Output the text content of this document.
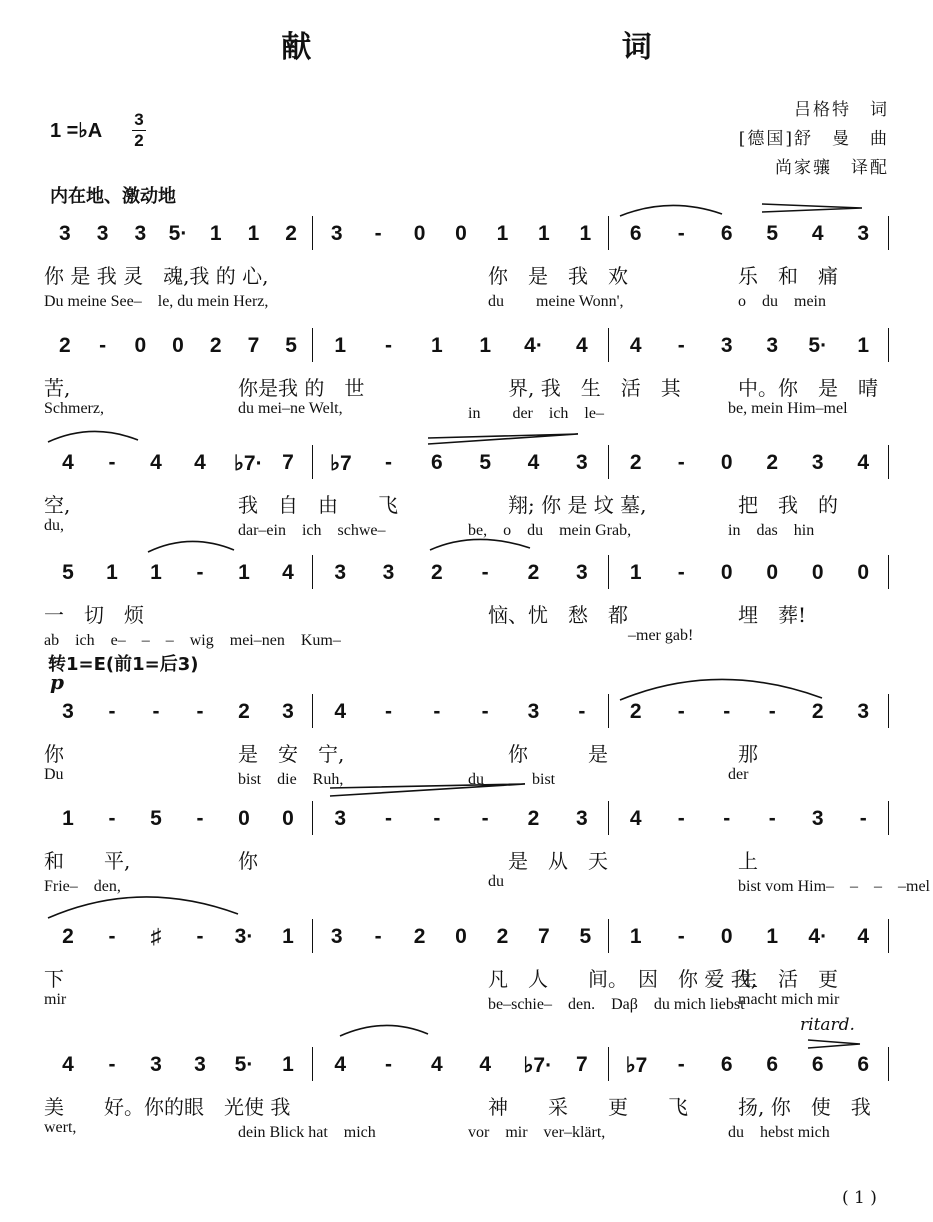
献 词
吕格特　词
[德国]舒　曼　曲
尚家骧　译配
1 =♭A
3
2
内在地、激动地
转1=E(前1=后3)
p
ritard.
3 3 3 5· 1 1 2 3	-	0 0 1 1 1 6	-	6 5 4 3
你 是 我 灵　魂,我 的 心,	你　是　我　欢	乐　和　痛
Du meine See–　le, du mein Herz,	du　　meine Wonn',	o　du　mein
2	-	0 0 2 7 5 1	-	1 1 4· 4 4	-	3 3 5· 1
苦,	你是我 的　世	界, 我　生　活　其	中。你　是　晴
Schmerz,	du mei–ne Welt,	in　　der　ich　le–	be, mein Him–mel
4	-	4 4 ♭7· 7 ♭7	-	6 5 4 3 2	-	0 2 3 4
空,	我　自　由　　飞	翔; 你 是 坟 墓,	把　我　的
du,	dar–ein　ich　schwe–	be,　o　du　mein Grab,	in　das　hin
5 1 1	-	1 4 3 3 2	-	2 3 1	-	0 0 0 0
一　切　烦	恼、忧　愁　都	埋　葬!
ab　ich　e–　–　–　wig　mei–nen　Kum–	–mer gab!
3	-	-	-	2 3 4	-	-	-	3	-	2	-	-	-	2 3
你	是　安　宁,	你　　　是	那
Du	bist　die　Ruh,	du　　　bist	der
1	-	5	-	0 0 3	-	-	-	2 3 4	-	-	-	3	-
和　　平,	你	是　从　天	上
Frie–　den,	du	bist vom Him–　–　–　–mel
2	-	♯	-	3· 1 3	-	2 0 2 7 5 1	-	0 1 4· 4
下	凡　人　　间。　因　你 爱 我,
生　活　更
mir	be–schie–　den.　Daβ　du mich liebst
macht mich mir
4	-	3 3 5· 1 4	-	4 4 ♭7· 7 ♭7	-	6 6 6 6
美　　好。你的眼　光使 我	神　　采　　更　　飞	扬, 你　使　我
wert,	dein Blick hat　mich	vor　mir　ver–klärt,	du　hebst mich
( 1 )
